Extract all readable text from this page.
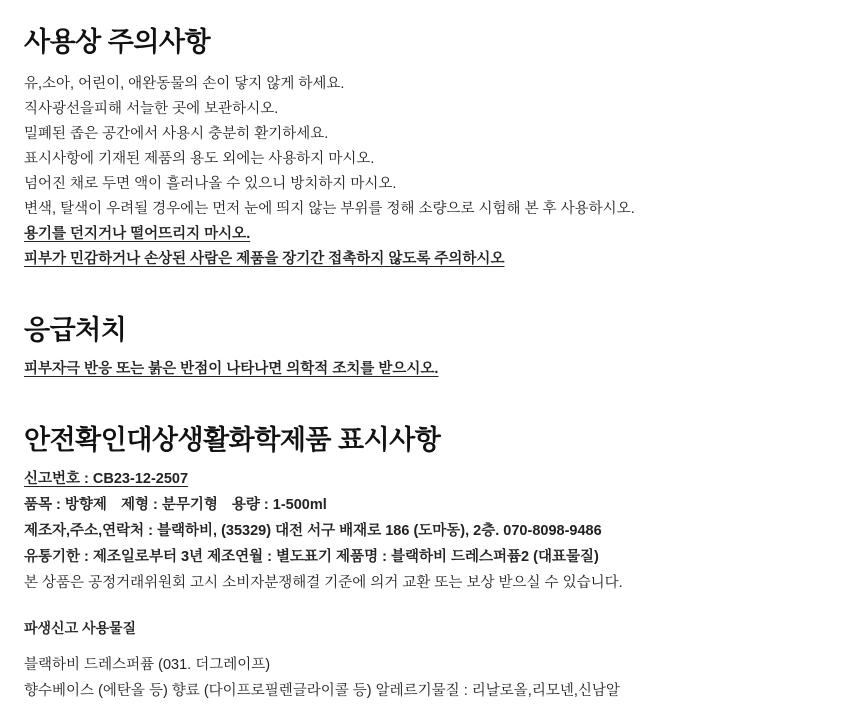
사용상 주의사항
유,소아, 어린이, 애완동물의 손이 닿지 않게 하세요.
직사광선을피해 서늘한 곳에 보관하시오.
밀폐된 좁은 공간에서 사용시 충분히 환기하세요.
표시사항에 기재된 제품의 용도 외에는 사용하지 마시오.
넘어진 채로 두면 액이 흘러나올 수 있으니 방치하지 마시오.
변색, 탈색이 우려될 경우에는 먼저 눈에 띄지 않는 부위를 정해 소량으로 시험해 본 후 사용하시오.
용기를 던지거나 떨어뜨리지 마시오.
피부가 민감하거나 손상된 사람은 제품을 장기간 접촉하지 않도록 주의하시오
응급처치
피부자극 반응 또는 붉은 반점이 나타나면 의학적 조치를 받으시오.
안전확인대상생활화학제품 표시사항
신고번호 : CB23-12-2507
품목 : 방향제 제형 : 분무기형 용량 : 1-500ml
제조자,주소,연락처 : 블랙하비, (35329) 대전 서구 배재로 186 (도마동), 2층. 070-8098-9486
유통기한 : 제조일로부터 3년 제조연월 : 별도표기 제품명 : 블랙하비 드레스퍼퓸2 (대표물질)
본 상품은 공정거래위원회 고시 소비자분쟁해결 기준에 의거 교환 또는 보상 받으실 수 있습니다.
파생신고 사용물질
블랙하비 드레스퍼퓸 (031. 더그레이프)
향수베이스 (에탄올 등) 향료 (다이프로필렌글라이콜 등) 알레르기물질 : 리날로올,리모넨,신남알
